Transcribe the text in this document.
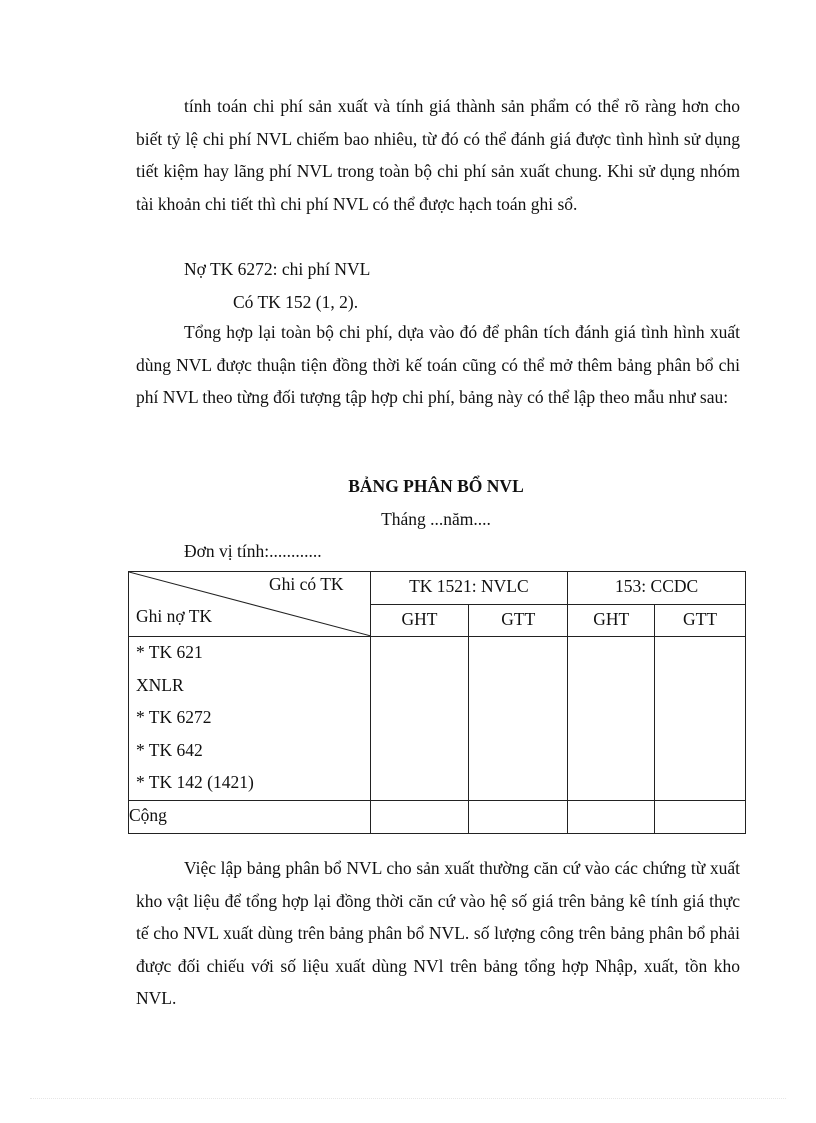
tính toán chi phí sản xuất và tính giá thành sản phẩm có thể rõ ràng hơn cho biết tỷ lệ chi phí NVL chiếm bao nhiêu, từ đó có thể đánh giá được tình hình sử dụng tiết kiệm hay lãng phí NVL trong toàn bộ chi phí sản xuất chung. Khi sử dụng nhóm tài khoản chi tiết thì chi phí NVL có thể được hạch toán ghi sổ.

Nợ TK 6272: chi phí NVL

Có TK 152 (1, 2).

Tổng hợp lại toàn bộ chi phí, dựa vào đó để phân tích đánh giá tình hình xuất dùng NVL được thuận tiện đồng thời kế toán cũng có thể mở thêm bảng phân bổ chi phí NVL theo từng đối tượng tập hợp chi phí, bảng này có thể lập theo mẫu như sau:

BẢNG PHÂN BỔ NVL

Tháng ...năm....

Đơn vị tính:............

Ghi có TK
Ghi nợ TK	TK 1521: NVLC		153: CCDC	
	GHT	GTT	GHT	GTT

* TK 621
XNLR
* TK 6272
* TK 642
* TK 142 (1421)				

Cộng				

Việc lập bảng phân bổ NVL cho sản xuất thường căn cứ vào các chứng từ xuất kho vật liệu để tổng hợp lại đồng thời căn cứ vào hệ số giá trên bảng kê tính giá thực tế cho NVL xuất dùng trên bảng phân bổ NVL. số lượng công trên bảng phân bổ phải được đối chiếu với số liệu xuất dùng NVl trên bảng tổng hợp Nhập, xuất, tồn kho NVL.
